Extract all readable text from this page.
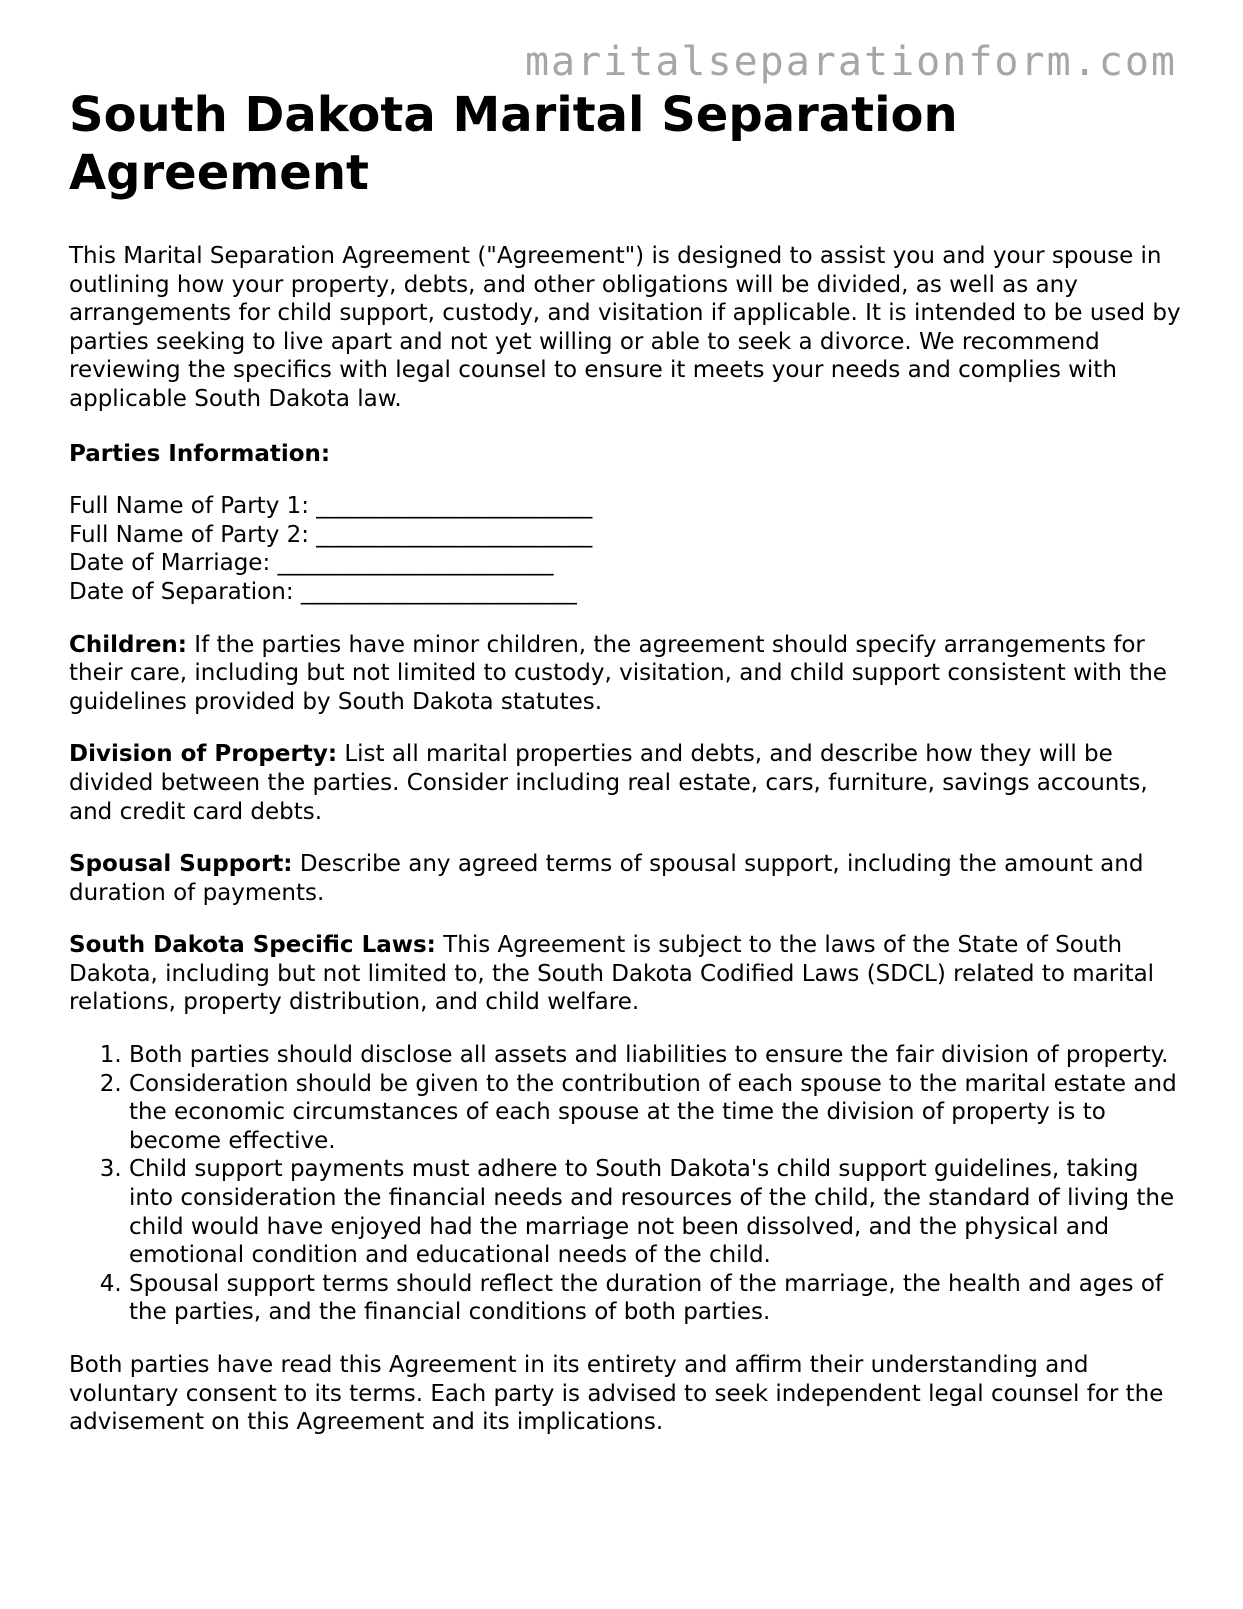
maritalseparationform.com
South Dakota Marital Separation Agreement

This Marital Separation Agreement ("Agreement") is designed to assist you and your spouse in outlining how your property, debts, and other obligations will be divided, as well as any arrangements for child support, custody, and visitation if applicable. It is intended to be used by parties seeking to live apart and not yet willing or able to seek a divorce. We recommend reviewing the specifics with legal counsel to ensure it meets your needs and complies with applicable South Dakota law.

Parties Information:

Full Name of Party 1: ________________________
Full Name of Party 2: ________________________
Date of Marriage: ________________________
Date of Separation: ________________________

Children: If the parties have minor children, the agreement should specify arrangements for their care, including but not limited to custody, visitation, and child support consistent with the guidelines provided by South Dakota statutes.

Division of Property: List all marital properties and debts, and describe how they will be divided between the parties. Consider including real estate, cars, furniture, savings accounts, and credit card debts.

Spousal Support: Describe any agreed terms of spousal support, including the amount and duration of payments.

South Dakota Specific Laws: This Agreement is subject to the laws of the State of South Dakota, including but not limited to, the South Dakota Codified Laws (SDCL) related to marital relations, property distribution, and child welfare.

1. Both parties should disclose all assets and liabilities to ensure the fair division of property.
2. Consideration should be given to the contribution of each spouse to the marital estate and the economic circumstances of each spouse at the time the division of property is to become effective.
3. Child support payments must adhere to South Dakota's child support guidelines, taking into consideration the financial needs and resources of the child, the standard of living the child would have enjoyed had the marriage not been dissolved, and the physical and emotional condition and educational needs of the child.
4. Spousal support terms should reflect the duration of the marriage, the health and ages of the parties, and the financial conditions of both parties.

Both parties have read this Agreement in its entirety and affirm their understanding and voluntary consent to its terms. Each party is advised to seek independent legal counsel for the advisement on this Agreement and its implications.
